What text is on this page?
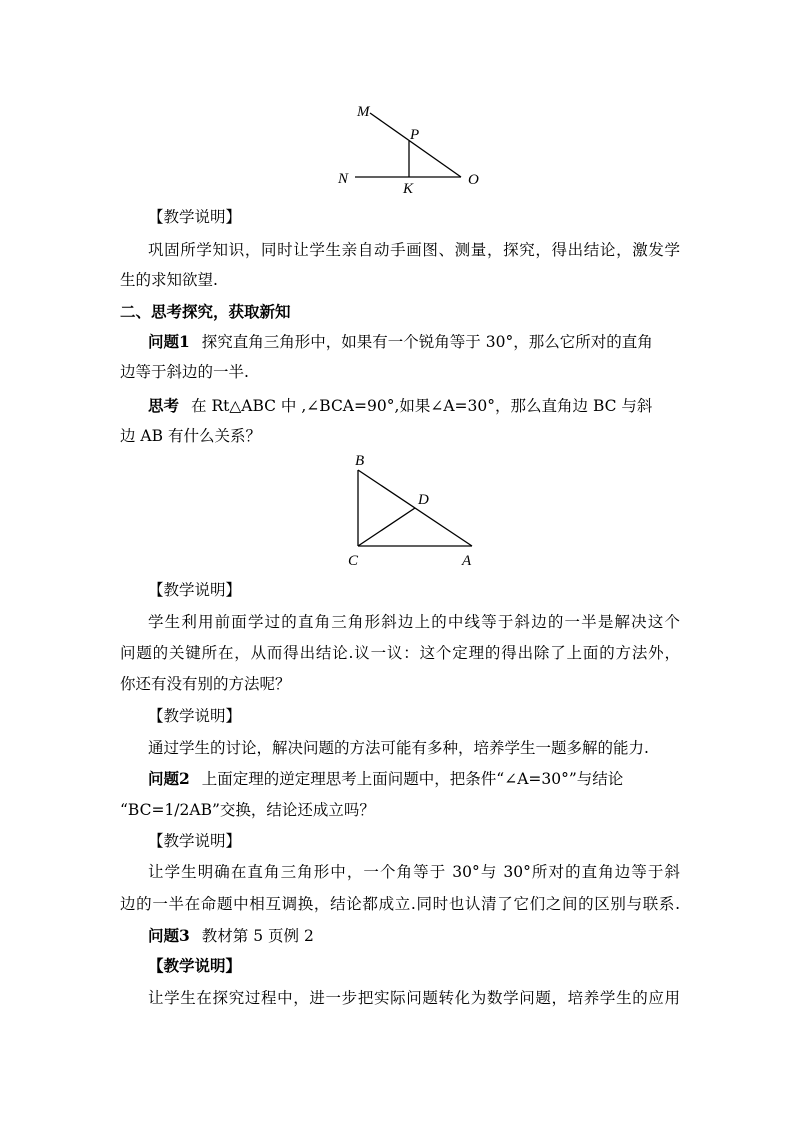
M
P
N
K
O
【教学说明】
巩固所学知识，同时让学生亲自动手画图、测量，探究，得出结论，激发学
生的求知欲望.
二、思考探究，获取新知
问题1 探究直角三角形中，如果有一个锐角等于 30°，那么它所对的直角
边等于斜边的一半.
思考 在 Rt△ABC 中 ,∠BCA=90°,如果∠A=30°，那么直角边 BC 与斜
边 AB 有什么关系？
B
D
C	A
【教学说明】
学生利用前面学过的直角三角形斜边上的中线等于斜边的一半是解决这个
问题的关键所在，从而得出结论.议一议：这个定理的得出除了上面的方法外，
你还有没有别的方法呢？
【教学说明】
通过学生的讨论，解决问题的方法可能有多种，培养学生一题多解的能力.
问题2 上面定理的逆定理思考上面问题中，把条件“∠A=30°”与结论
“BC=1/2AB”交换，结论还成立吗？
【教学说明】
让学生明确在直角三角形中，一个角等于 30°与 30°所对的直角边等于斜
边的一半在命题中相互调换，结论都成立.同时也认清了它们之间的区别与联系.
问题3 教材第 5 页例 2
【教学说明】
让学生在探究过程中，进一步把实际问题转化为数学问题，培养学生的应用
